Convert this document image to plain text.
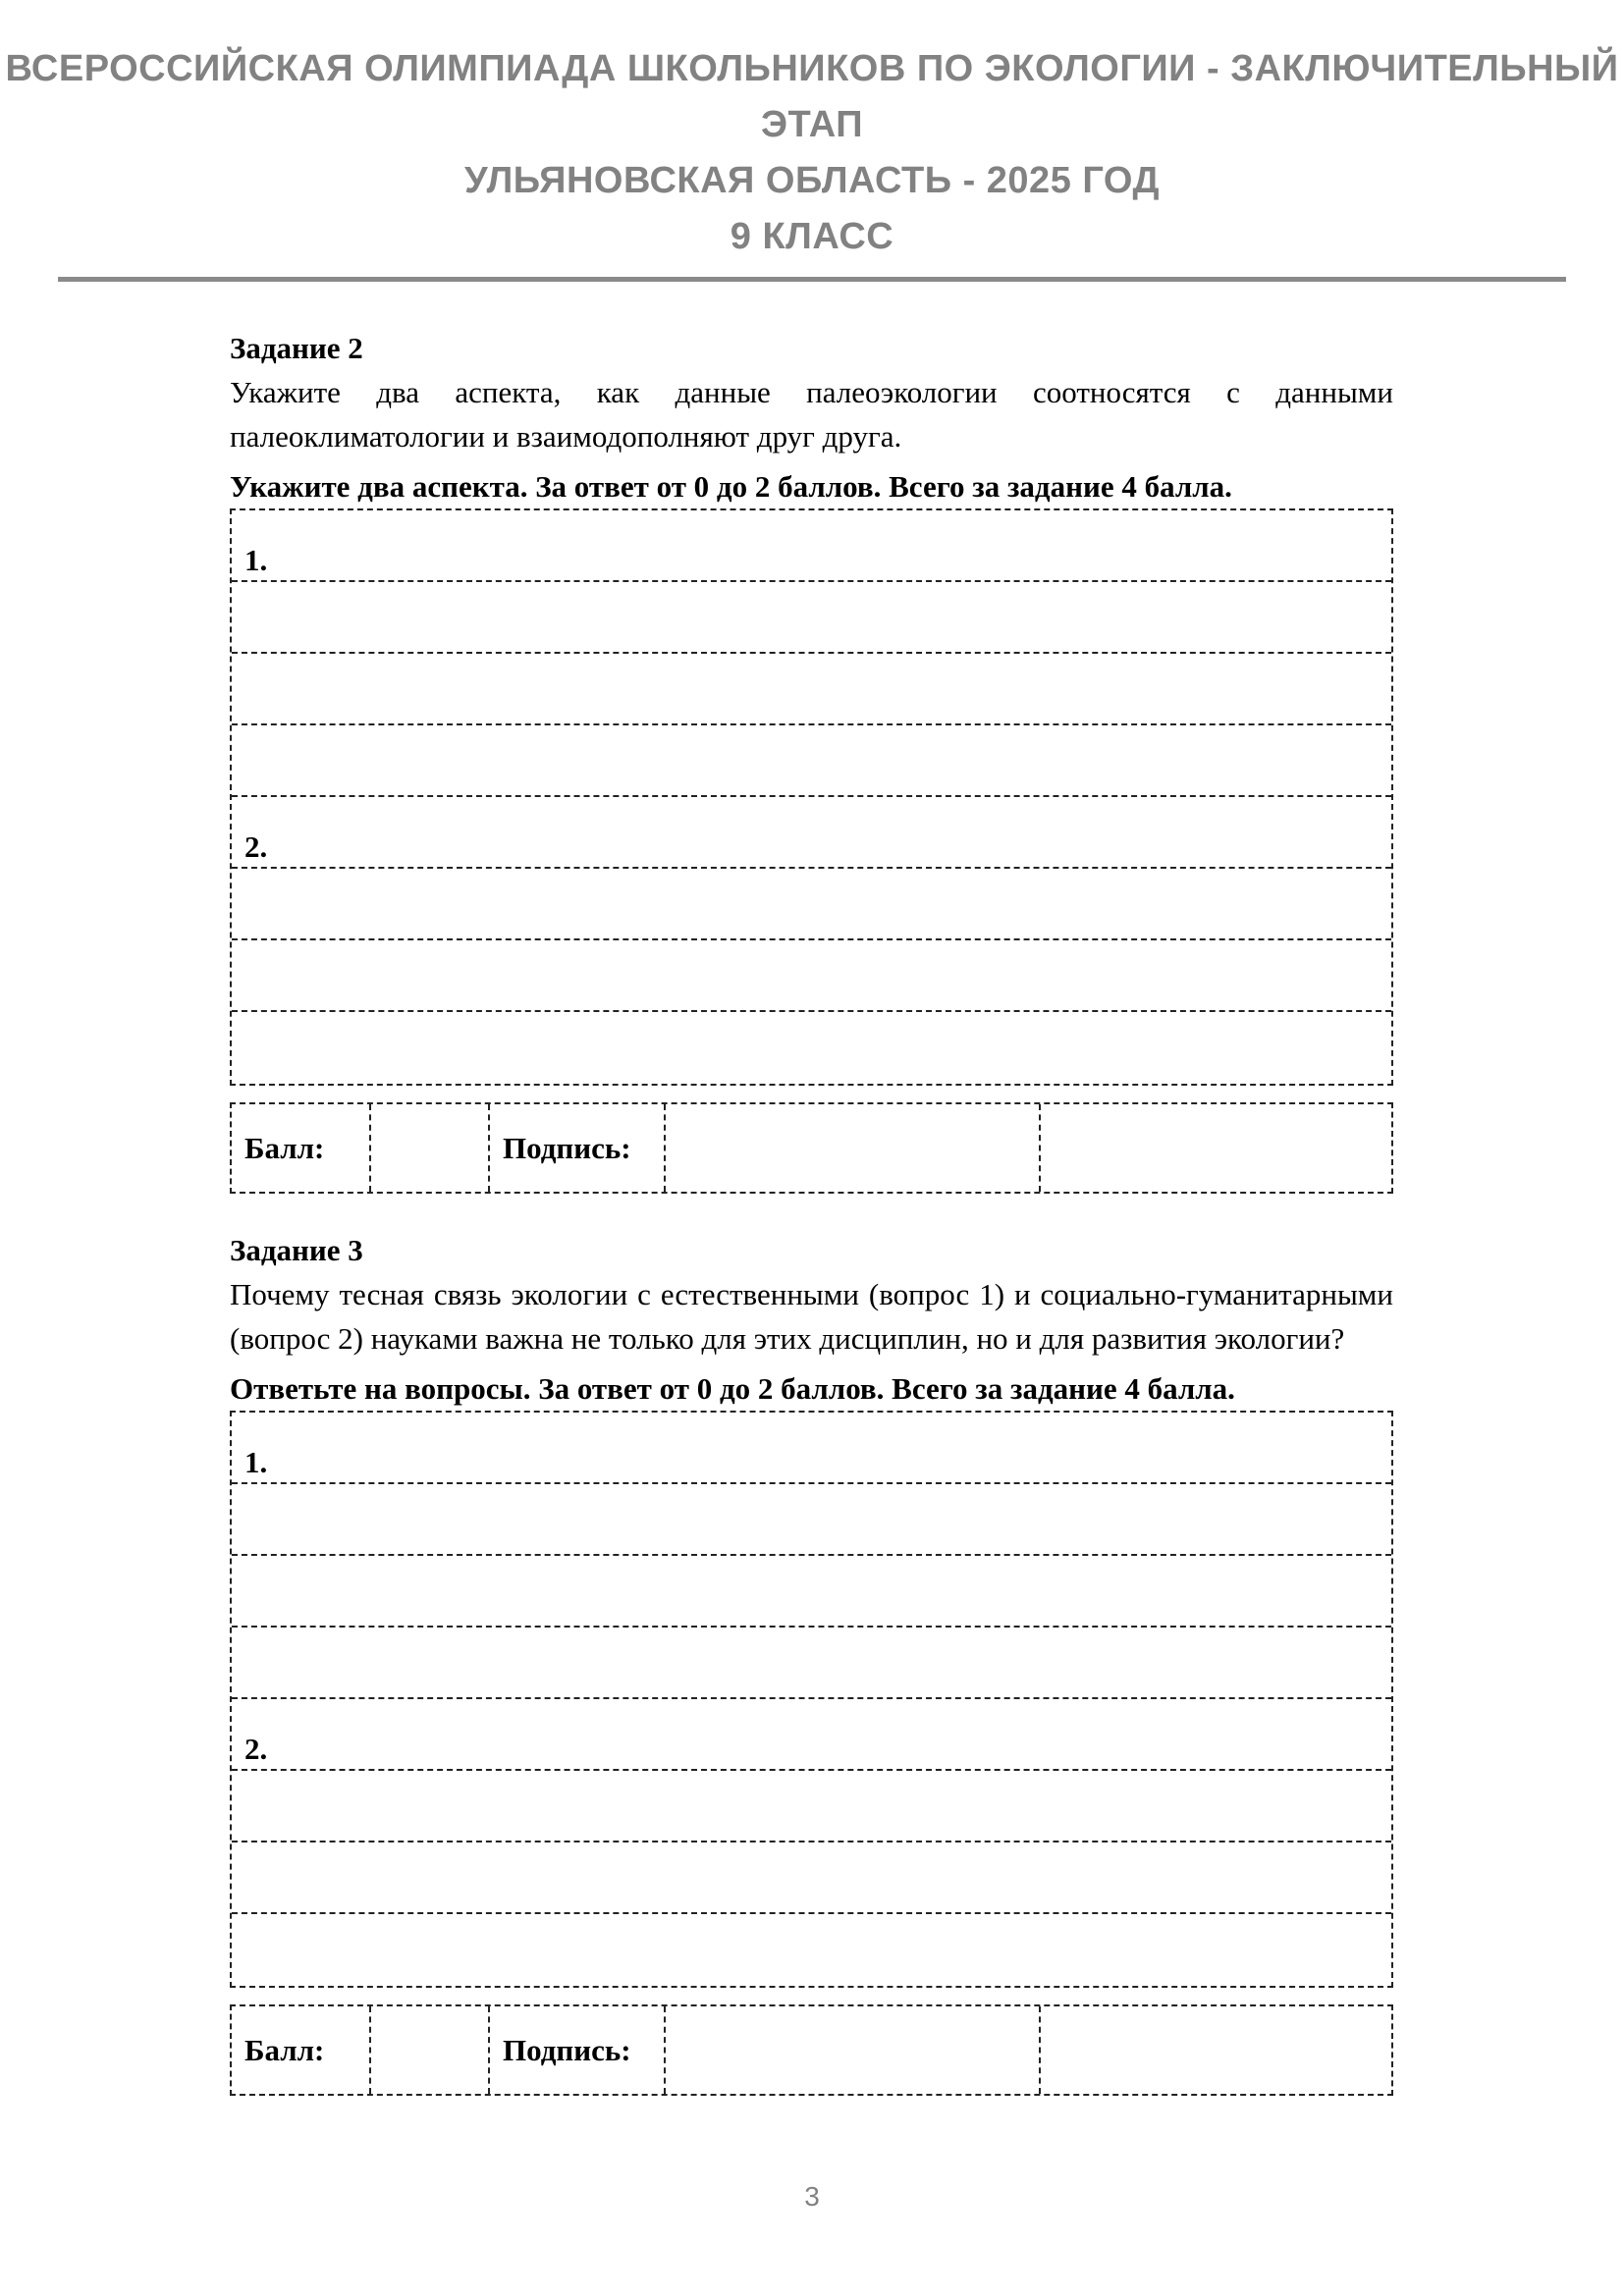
ВСЕРОССИЙСКАЯ ОЛИМПИАДА ШКОЛЬНИКОВ ПО ЭКОЛОГИИ - ЗАКЛЮЧИТЕЛЬНЫЙ ЭТАП
УЛЬЯНОВСКАЯ ОБЛАСТЬ - 2025 ГОД
9 КЛАСС
Задание 2

Укажите два аспекта, как данные палеоэкологии соотносятся с данными палеоклиматологии и взаимодополняют друг друга.

Укажите два аспекта. За ответ от 0 до 2 баллов. Всего за задание 4 балла.

1.
2.
Балл:	Подпись:
Задание 3

Почему тесная связь экологии с естественными (вопрос 1) и социально-гуманитарными (вопрос 2) науками важна не только для этих дисциплин, но и для развития экологии?

Ответьте на вопросы. За ответ от 0 до 2 баллов. Всего за задание 4 балла.

1.
2.
Балл:	Подпись:
3
